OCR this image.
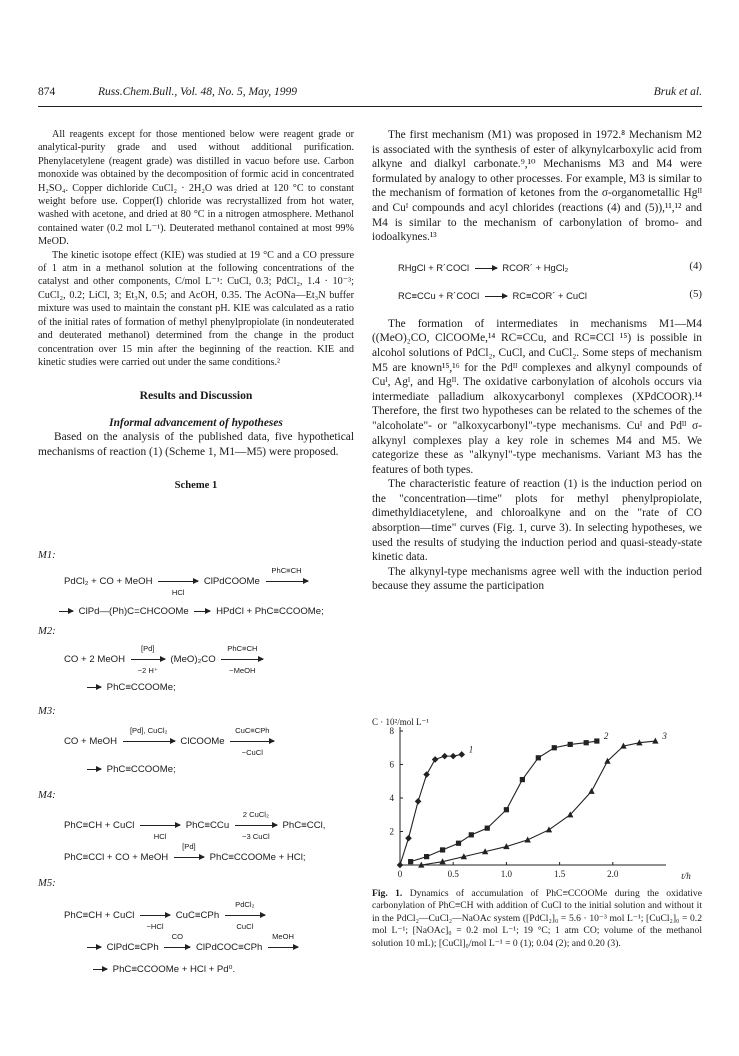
874	Russ.Chem.Bull., Vol. 48, No. 5, May, 1999	Bruk et al.

All reagents except for those mentioned below were reagent grade or analytical-purity grade and used without additional purification. Phenylacetylene (reagent grade) was distilled in vacuo before use. Carbon monoxide was obtained by the decomposition of formic acid in concentrated H₂SO₄. Copper dichloride CuCl₂ · 2H₂O was dried at 120 °C to constant weight before use. Copper(I) chloride was recrystallized from hot water, washed with acetone, and dried at 80 °C in a nitrogen atmosphere. Methanol contained water (0.2 mol L⁻¹). Deuterated methanol contained at most 99% MeOD.

The kinetic isotope effect (KIE) was studied at 19 °C and a CO pressure of 1 atm in a methanol solution at the following concentrations of the catalyst and other components, C/mol L⁻¹: CuCl, 0.3; PdCl₂, 1.4 · 10⁻³; CuCl₂, 0.2; LiCl, 3; Et₃N, 0.5; and AcOH, 0.35. The AcONa—Et₃N buffer mixture was used to maintain the constant pH. KIE was calculated as a ratio of the initial rates of formation of methyl phenylpropiolate (in nondeuterated and deuterated methanol) determined from the change in the product concentration over 15 min after the beginning of the reaction. KIE and kinetic studies were carried out under the same conditions.²

Results and Discussion

Informal advancement of hypotheses

Based on the analysis of the published data, five hypothetical mechanisms of reaction (1) (Scheme 1, M1—M5) were proposed.

Scheme 1

M1:
PdCl₂ + CO + MeOH
HCl
ClPdCOOMe
PhC≡CH
→ ClPd—(Ph)C=CHCOOMe → HPdCl + PhC≡CCOOMe;
M2:
CO + 2 MeOH $\frac{[Pd]}{-2 H^+} (MeO)_2CO$
PhC≡CH
−MeOH
→ PhC≡CCOOMe;
M3:
CO + MeOH
[Pd], CuCl₂
ClCOOMe
CuC≡CPh
−CuCl
→ PhC≡CCOOMe;
M4:
PhC≡CH + CuCl
HCl
PhC≡CCu
2 CuCl₂
−3 CuCl
PhC≡CCl,
PhC≡CCl + CO + MeOH
[Pd]
PhC≡CCOOMe + HCl;
M5:
PhC≡CH + CuCl
−HCl
CuC≡CPh
PdCl₂
CuCl
→ ClPdC≡CPh
CO
ClPdCOC≡CPh
MeOH
→ PhC≡CCOOMe + HCl + Pd⁰.

The first mechanism (M1) was proposed in 1972.⁸ Mechanism M2 is associated with the synthesis of ester of alkynylcarboxylic acid from alkyne and dialkyl carbonate.⁹,¹⁰ Mechanisms M3 and M4 were formulated by analogy to other processes. For example, M3 is similar to the mechanism of formation of ketones from the σ-organometallic Hgᴵᴵ and Cuᴵ compounds and acyl chlorides (reactions (4) and (5)),¹¹,¹² and M4 is similar to the mechanism of carbonylation of bromo- and iodoalkynes.¹³

RHgCl + R´COCl → RCOR´ + HgCl₂	(4)
RC≡CCu + R´COCl → RC≡COR´ + CuCl	(5)

The formation of intermediates in mechanisms M1—M4 ((MeO)₂CO, ClCOOMe,¹⁴ RC≡CCu, and RC≡CCl ¹⁵) is possible in alcohol solutions of PdCl₂, CuCl, and CuCl₂. Some steps of mechanism M5 are known¹⁵,¹⁶ for the Pdᴵᴵ complexes and alkynyl compounds of Cuᴵ, Agᴵ, and Hgᴵᴵ. The oxidative carbonylation of alcohols occurs via intermediate palladium alkoxycarbonyl complexes (XPdCOOR).¹⁴ Therefore, the first two hypotheses can be related to the schemes of the "alcoholate"- or "alkoxycarbonyl"-type mechanisms. Cuᴵ and Pdᴵᴵ σ-alkynyl complexes play a key role in schemes M4 and M5. We categorize these as "alkynyl"-type mechanisms. Variant M3 has the features of both types.

The characteristic feature of reaction (1) is the induction period on the "concentration—time" plots for methyl phenylpropiolate, dimethyldiacetylene, and chloroalkyne and on the "rate of CO absorption—time" curves (Fig. 1, curve 3). In selecting hypotheses, we used the results of studying the induction period and quasi-steady-state kinetic data.

The alkynyl-type mechanisms agree well with the induction period because they assume the participation

0	0.5	1.0	1.5	2.0
2
4
6
8
C · 10²/mol L⁻¹
t/h
1
2	3
Fig. 1. Dynamics of accumulation of PhC≡CCOOMe during the oxidative carbonylation of PhC≡CH with addition of CuCl to the initial solution and without it in the PdCl₂—CuCl₂—NaOAc system ([PdCl₂]₀ = 5.6 · 10⁻³ mol L⁻¹; [CuCl₂]₀ = 0.2 mol L⁻¹; [NaOAc]₀ = 0.2 mol L⁻¹; 19 °C; 1 atm CO; volume of the methanol solution 10 mL); [CuCl]₀/mol L⁻¹ = 0 (1); 0.04 (2); and 0.20 (3).
